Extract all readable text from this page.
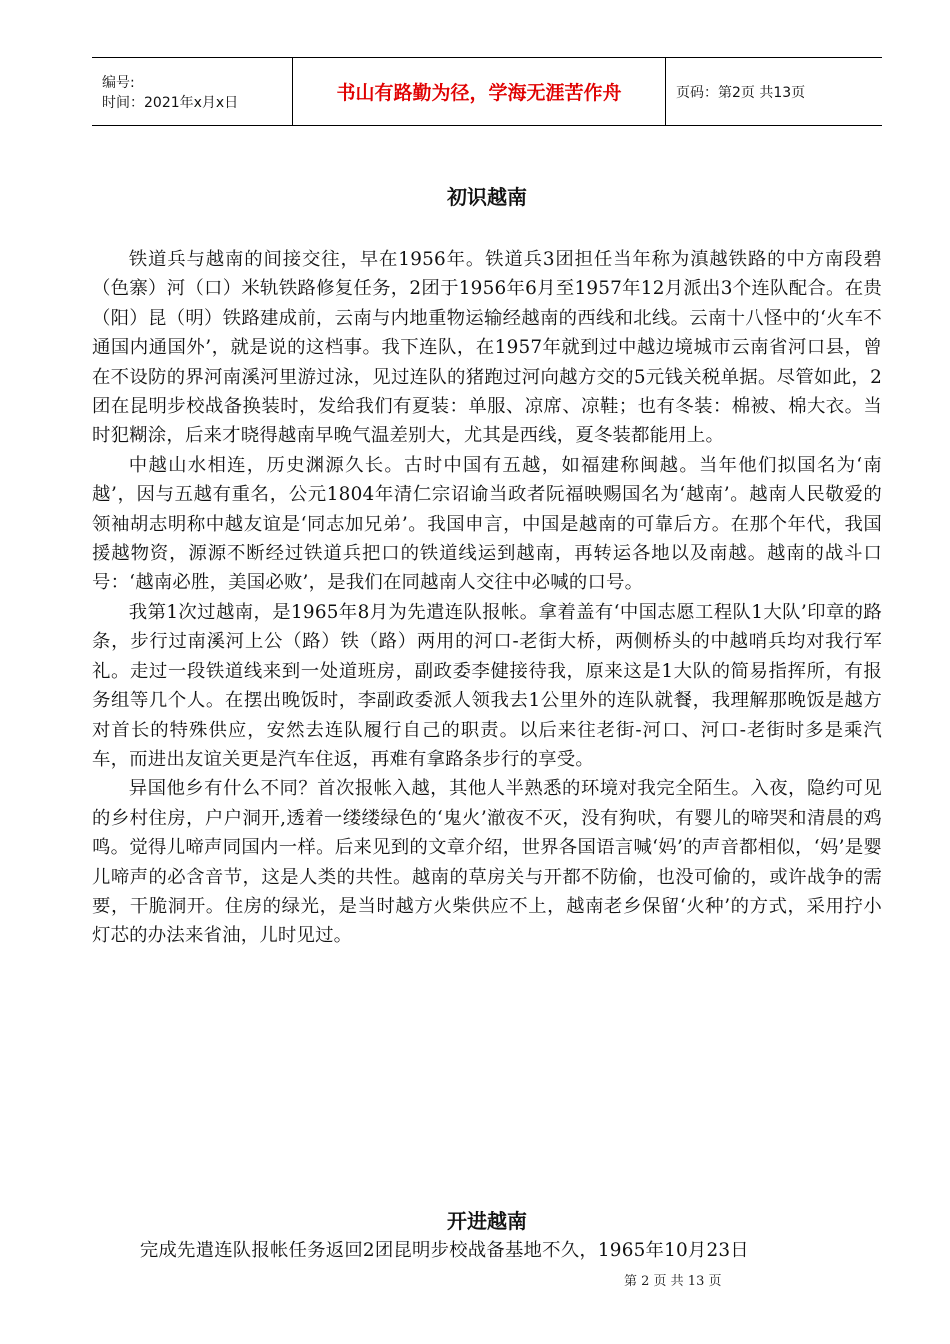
编号:
时间：2021年x月x日	书山有路勤为径，学海无涯苦作舟	页码：第2页 共13页
初识越南

铁道兵与越南的间接交往，早在1956年。铁道兵3团担任当年称为滇越铁路的中方南段碧（色寨）河（口）米轨铁路修复任务，2团于1956年6月至1957年12月派出3个连队配合。在贵（阳）昆（明）铁路建成前，云南与内地重物运输经越南的西线和北线。云南十八怪中的‘火车不通国内通国外’，就是说的这档事。我下连队，在1957年就到过中越边境城市云南省河口县，曾在不设防的界河南溪河里游过泳，见过连队的猪跑过河向越方交的5元钱关税单据。尽管如此，2团在昆明步校战备换装时，发给我们有夏装：单服、凉席、凉鞋；也有冬装：棉被、棉大衣。当时犯糊涂，后来才晓得越南早晚气温差别大，尤其是西线，夏冬装都能用上。

中越山水相连，历史渊源久长。古时中国有五越，如福建称闽越。当年他们拟国名为‘南越’，因与五越有重名，公元1804年清仁宗诏谕当政者阮福映赐国名为‘越南’。越南人民敬爱的领袖胡志明称中越友谊是‘同志加兄弟’。我国申言，中国是越南的可靠后方。在那个年代，我国援越物资，源源不断经过铁道兵把口的铁道线运到越南，再转运各地以及南越。越南的战斗口号：‘越南必胜，美国必败’，是我们在同越南人交往中必喊的口号。

我第1次过越南，是1965年8月为先遣连队报帐。拿着盖有‘中国志愿工程队1大队’印章的路条，步行过南溪河上公（路）铁（路）两用的河口-老街大桥，两侧桥头的中越哨兵均对我行军礼。走过一段铁道线来到一处道班房，副政委李健接待我，原来这是1大队的简易指挥所，有报务组等几个人。在摆出晚饭时，李副政委派人领我去1公里外的连队就餐，我理解那晚饭是越方对首长的特殊供应，安然去连队履行自己的职责。以后来往老街-河口、河口-老街时多是乘汽车，而进出友谊关更是汽车住返，再难有拿路条步行的享受。

异国他乡有什么不同？首次报帐入越，其他人半熟悉的环境对我完全陌生。入夜，隐约可见的乡村住房，户户洞开,透着一缕缕绿色的‘鬼火’澈夜不灭，没有狗吠，有婴儿的啼哭和清晨的鸡鸣。觉得儿啼声同国内一样。后来见到的文章介绍，世界各国语言喊‘妈’的声音都相似，‘妈’是婴儿啼声的必含音节，这是人类的共性。越南的草房关与开都不防偷，也没可偷的，或许战争的需要，干脆洞开。住房的绿光，是当时越方火柴供应不上，越南老乡保留‘火种’的方式，采用拧小灯芯的办法来省油，儿时见过。

开进越南

完成先遣连队报帐任务返回2团昆明步校战备基地不久，1965年10月23日

第 2 页 共 13 页
